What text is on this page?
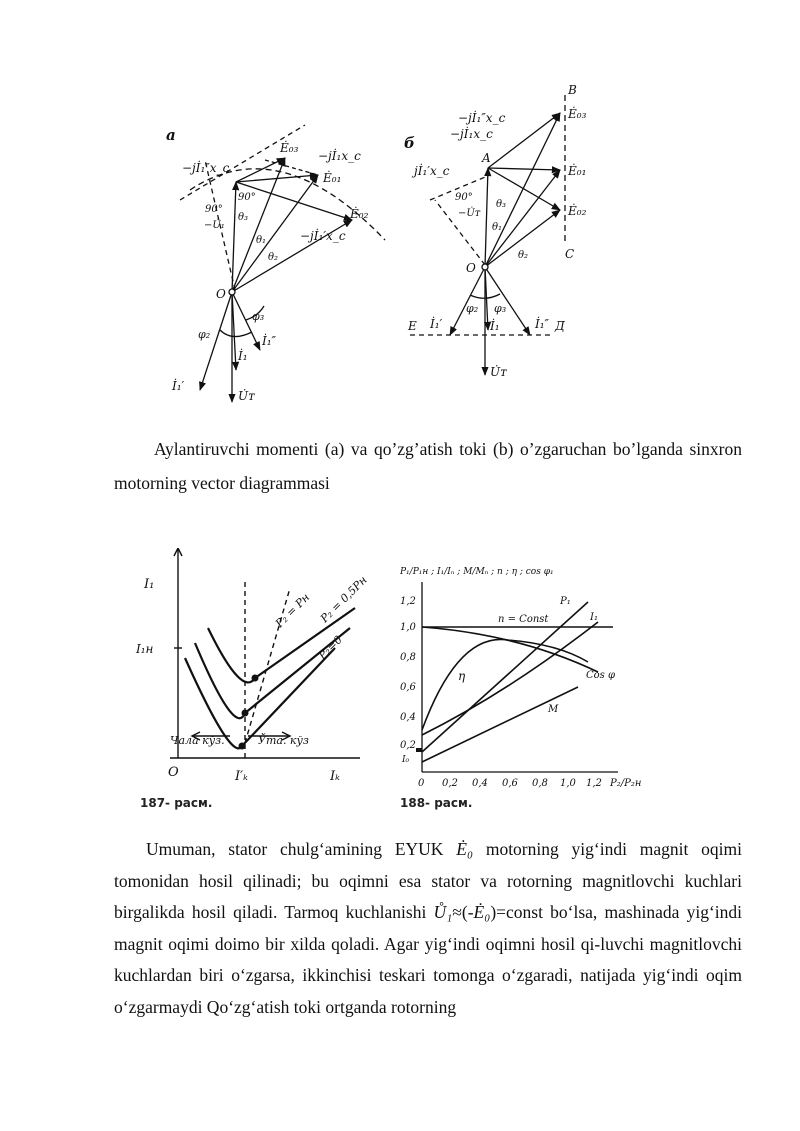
a
Ė₀₃
Ė₀₁
Ė₀₂
−jİ₁″x_c
−jİ₁x_c
−jİ₁′x_c
90°
90°
θ₃
θ₁
θ₂
−U̇₁
O
φ₂
φ₃
İ₁
İ₁′
İ₁″
U̇ᴛ
б
B
A
C
E	Д
Ė₀₃
Ė₀₁
Ė₀₂
−jİ₁″x_c
−jİ₁x_c
jİ₁′x_c
90°
−U̇ᴛ
θ₃
θ₁
θ₂
O
φ₂ φ₃
İ₁
İ₁′	İ₁″
U̇ᴛ
Aylantiruvchi momenti (a) va qo’zg’atish toki (b) o’zgaruchan bo’lganda sinxron motorning vector diagrammasi
I₁
I₁н
O	I′ₖ	Iₖ
P₂ = Pн P₂ = 0,5Pн
P₂=0
Чалa кўз.	Ўта. кўз
187- расм.
P₁/P₁н ; I₁/Iₙ ; M/Mₙ ; n ; η ; cos φ₁
1,2
1,0
0,8
0,6
0,4
0,2
I₀
0 0,2 0,4 0,6 0,8 1,0 1,2 P₂/P₂н
n = Const
P₁
I₁
η	Cos φ
M
188- расм.
Umuman, stator chulg‘amining EYUK Ė₀ motorning yig‘indi magnit oqimi tomonidan hosil qilinadi; bu oqimni esa stator va rotorning magnitlovchi kuchlari birgalikda hosil qiladi. Tarmoq kuchlanishi Ů₁≈(-Ė₀)=const bo‘lsa, mashinada yig‘indi magnit oqimi doimo bir xilda qoladi. Agar yig‘indi oqimni hosil qi-luvchi magnitlovchi kuchlardan biri o‘zgarsa, ikkinchisi teskari tomonga o‘zgaradi, natijada yig‘indi oqim o‘zgarmaydi Qo‘zg‘atish toki ortganda rotorning
